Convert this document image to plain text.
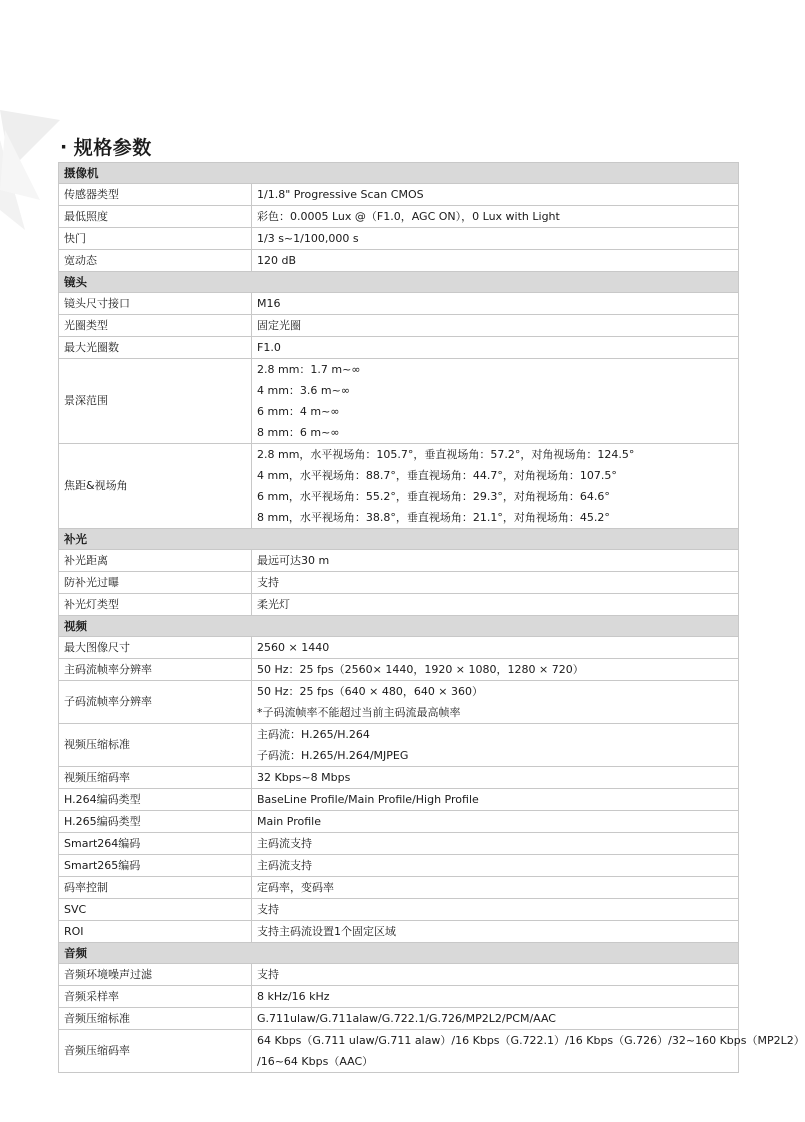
· 规格参数
摄像机	
传感器类型	1/1.8" Progressive Scan CMOS

最低照度	彩色：0.0005 Lux @（F1.0，AGC ON），0 Lux with Light

快门	1/3 s~1/100,000 s

宽动态	120 dB

镜头	
镜头尺寸接口	M16

光圈类型	固定光圈

最大光圈数	F1.0

景深范围	2.8 mm：1.7 m~∞
4 mm：3.6 m~∞
6 mm：4 m~∞
8 mm：6 m~∞

焦距&视场角	2.8 mm，水平视场角：105.7°，垂直视场角：57.2°，对角视场角：124.5°
4 mm，水平视场角：88.7°，垂直视场角：44.7°，对角视场角：107.5°
6 mm，水平视场角：55.2°，垂直视场角：29.3°，对角视场角：64.6°
8 mm，水平视场角：38.8°，垂直视场角：21.1°，对角视场角：45.2°

补光	
补光距离	最远可达30 m

防补光过曝	支持

补光灯类型	柔光灯

视频	
最大图像尺寸	2560 × 1440

主码流帧率分辨率	50 Hz：25 fps（2560× 1440，1920 × 1080，1280 × 720）

子码流帧率分辨率	50 Hz：25 fps（640 × 480，640 × 360）
*子码流帧率不能超过当前主码流最高帧率

视频压缩标准	主码流：H.265/H.264
子码流：H.265/H.264/MJPEG

视频压缩码率	32 Kbps~8 Mbps

H.264编码类型	BaseLine Profile/Main Profile/High Profile

H.265编码类型	Main Profile

Smart264编码	主码流支持

Smart265编码	主码流支持

码率控制	定码率，变码率

SVC	支持

ROI	支持主码流设置1个固定区域

音频	
音频环境噪声过滤	支持

音频采样率	8 kHz/16 kHz

音频压缩标准	G.711ulaw/G.711alaw/G.722.1/G.726/MP2L2/PCM/AAC

音频压缩码率	64 Kbps（G.711 ulaw/G.711 alaw）/16 Kbps（G.722.1）/16 Kbps（G.726）/32~160 Kbps（MP2L2）
/16~64 Kbps（AAC）
